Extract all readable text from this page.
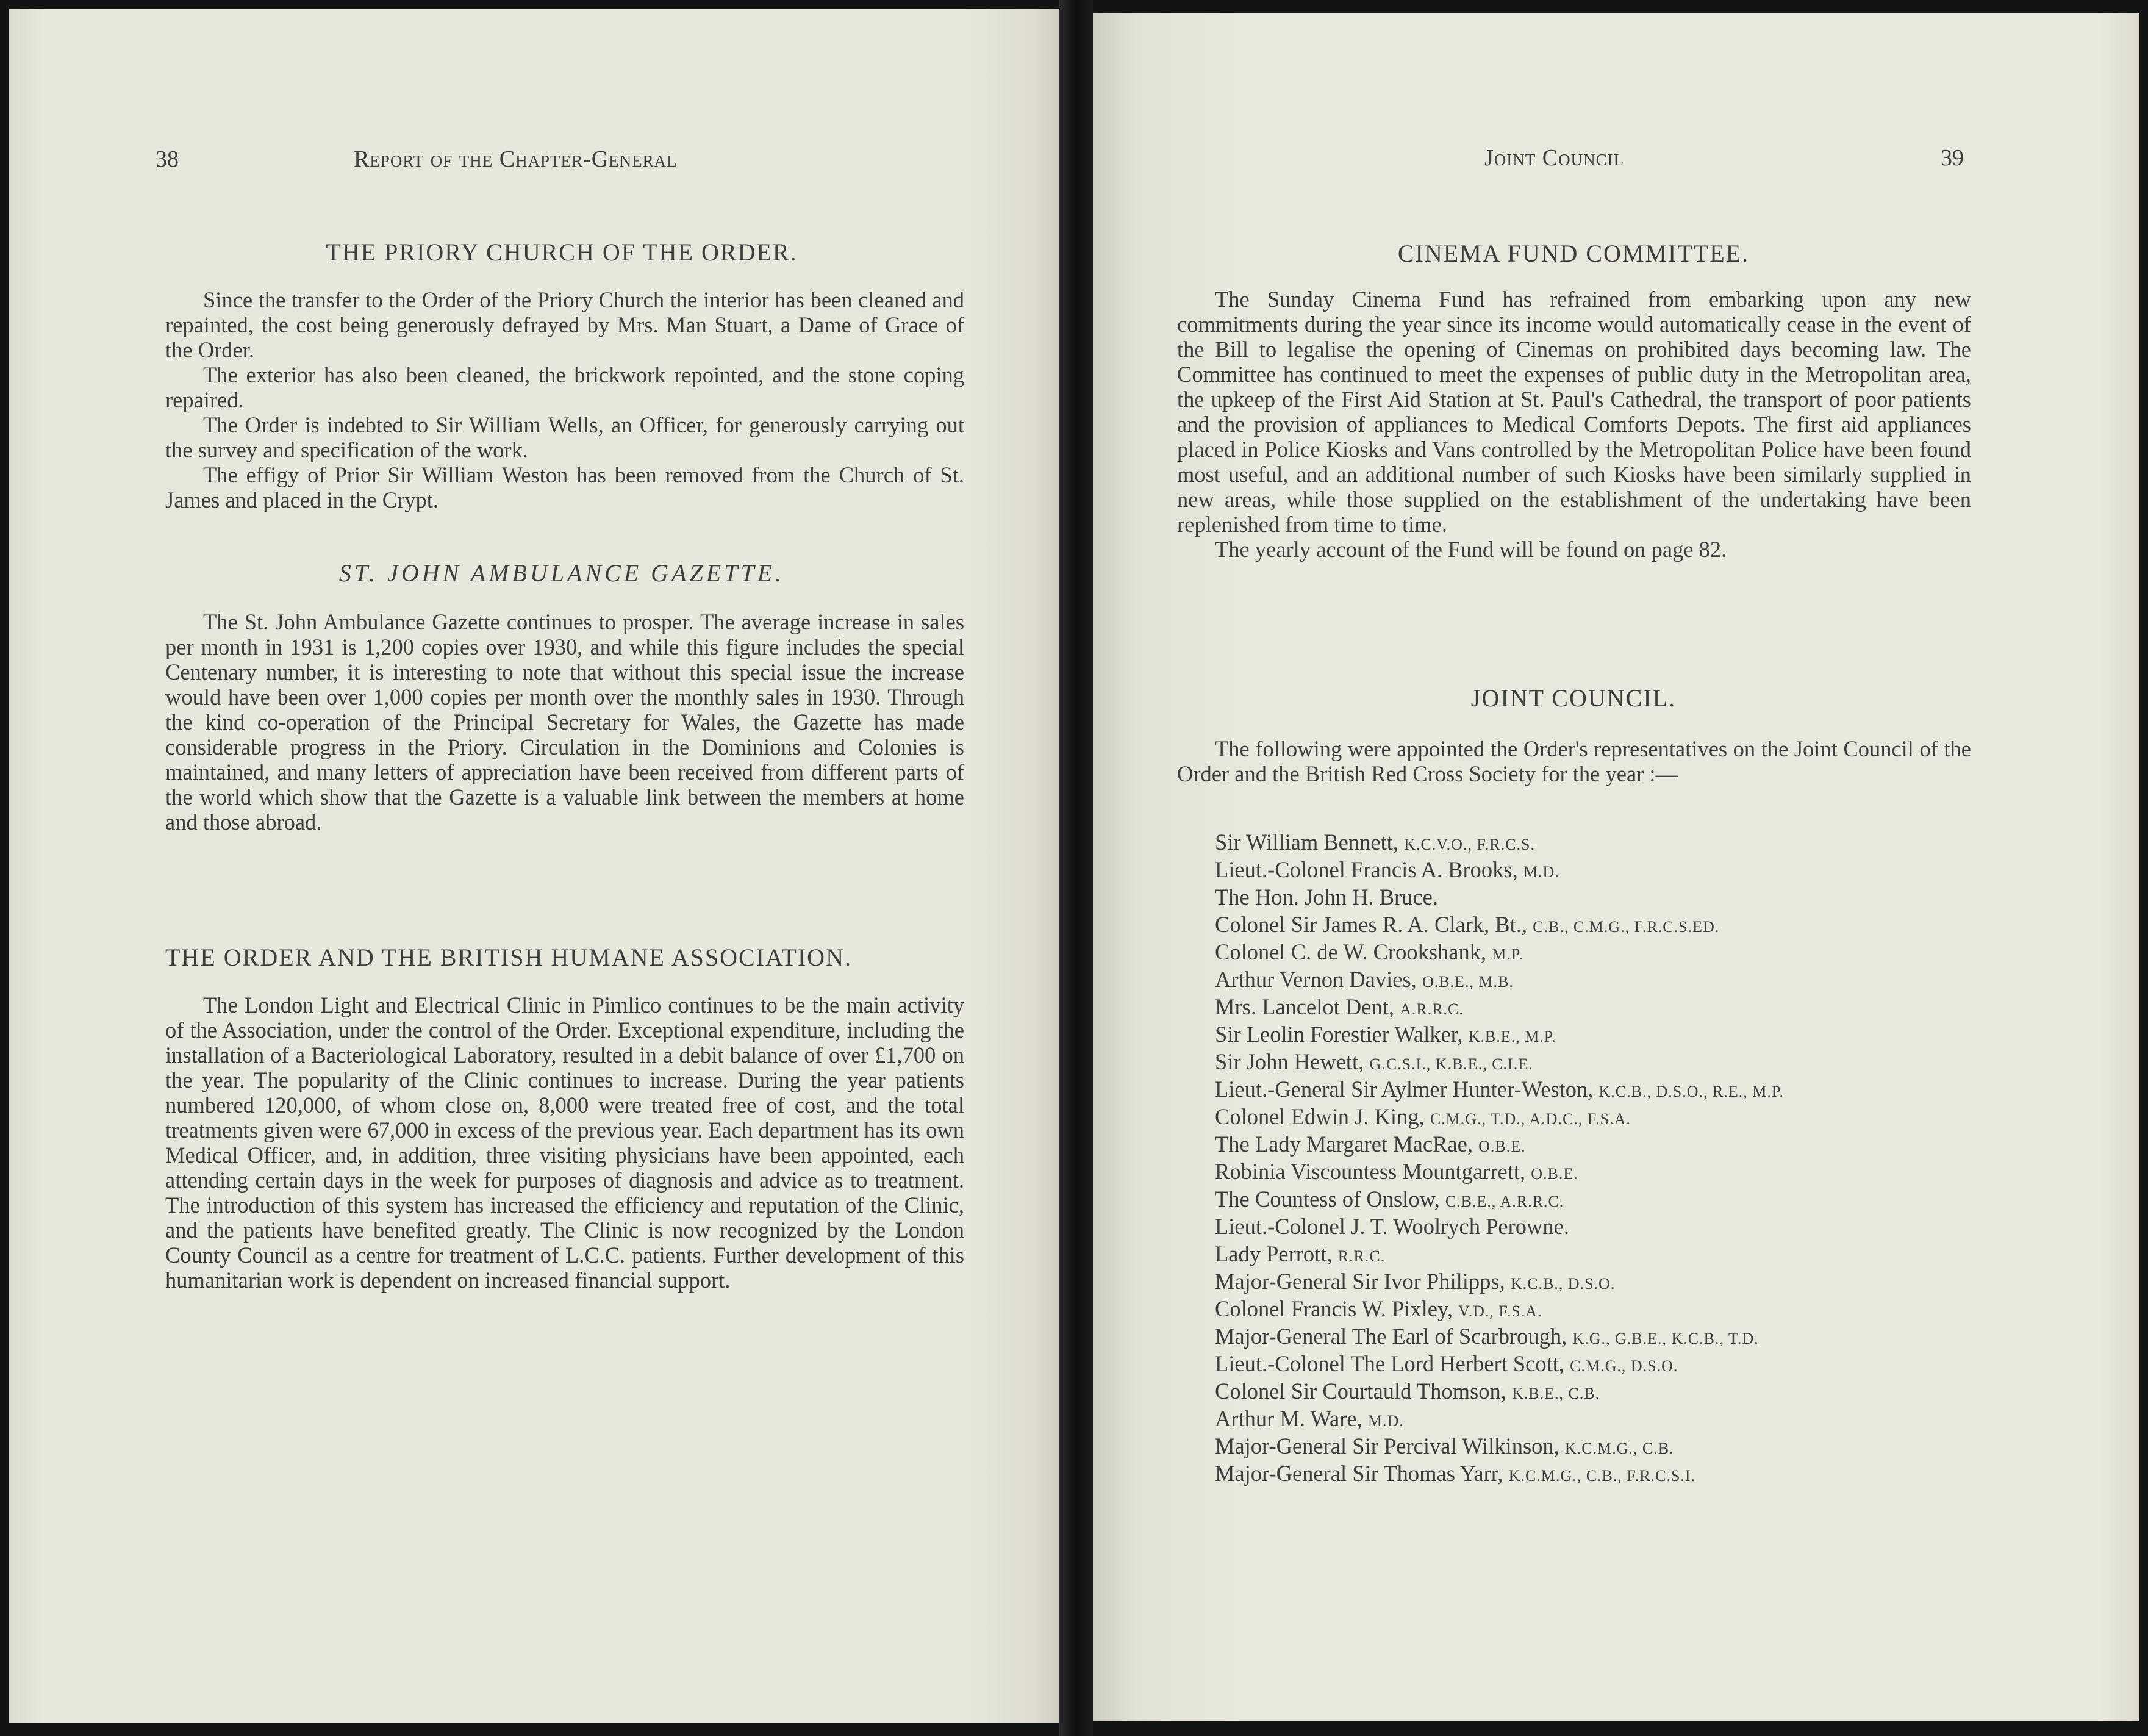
38	Report of the Chapter-General
THE PRIORY CHURCH OF THE ORDER.

Since the transfer to the Order of the Priory Church the interior has been cleaned and repainted, the cost being generously defrayed by Mrs. Man Stuart, a Dame of Grace of the Order.

The exterior has also been cleaned, the brickwork repointed, and the stone coping repaired.

The Order is indebted to Sir William Wells, an Officer, for generously carrying out the survey and specification of the work.

The effigy of Prior Sir William Weston has been removed from the Church of St. James and placed in the Crypt.

ST. JOHN AMBULANCE GAZETTE.

The St. John Ambulance Gazette continues to prosper. The average increase in sales per month in 1931 is 1,200 copies over 1930, and while this figure includes the special Centenary number, it is interesting to note that without this special issue the increase would have been over 1,000 copies per month over the monthly sales in 1930. Through the kind co-operation of the Principal Secretary for Wales, the Gazette has made considerable progress in the Priory. Circulation in the Dominions and Colonies is maintained, and many letters of appreciation have been received from different parts of the world which show that the Gazette is a valuable link between the members at home and those abroad.

THE ORDER AND THE BRITISH HUMANE ASSOCIATION.

The London Light and Electrical Clinic in Pimlico continues to be the main activity of the Association, under the control of the Order. Exceptional expenditure, including the installation of a Bacteriological Laboratory, resulted in a debit balance of over £1,700 on the year. The popularity of the Clinic continues to increase. During the year patients numbered 120,000, of whom close on, 8,000 were treated free of cost, and the total treatments given were 67,000 in excess of the previous year. Each department has its own Medical Officer, and, in addition, three visiting physicians have been appointed, each attending certain days in the week for purposes of diagnosis and advice as to treatment. The introduction of this system has increased the efficiency and reputation of the Clinic, and the patients have benefited greatly. The Clinic is now recognized by the London County Council as a centre for treatment of L.C.C. patients. Further development of this humanitarian work is dependent on increased financial support.

Joint Council	39
CINEMA FUND COMMITTEE.

The Sunday Cinema Fund has refrained from embarking upon any new commitments during the year since its income would automatically cease in the event of the Bill to legalise the opening of Cinemas on prohibited days becoming law. The Committee has continued to meet the expenses of public duty in the Metropolitan area, the upkeep of the First Aid Station at St. Paul's Cathedral, the transport of poor patients and the provision of appliances to Medical Comforts Depots. The first aid appliances placed in Police Kiosks and Vans controlled by the Metropolitan Police have been found most useful, and an additional number of such Kiosks have been similarly supplied in new areas, while those supplied on the establishment of the undertaking have been replenished from time to time.

The yearly account of the Fund will be found on page 82.

JOINT COUNCIL.

The following were appointed the Order's representatives on the Joint Council of the Order and the British Red Cross Society for the year :—

Sir William Bennett, K.C.V.O., F.R.C.S.
Lieut.-Colonel Francis A. Brooks, M.D.
The Hon. John H. Bruce.
Colonel Sir James R. A. Clark, Bt., C.B., C.M.G., F.R.C.S.ED.
Colonel C. de W. Crookshank, M.P.
Arthur Vernon Davies, O.B.E., M.B.
Mrs. Lancelot Dent, A.R.R.C.
Sir Leolin Forestier Walker, K.B.E., M.P.
Sir John Hewett, G.C.S.I., K.B.E., C.I.E.
Lieut.-General Sir Aylmer Hunter-Weston, K.C.B., D.S.O., R.E., M.P.
Colonel Edwin J. King, C.M.G., T.D., A.D.C., F.S.A.
The Lady Margaret MacRae, O.B.E.
Robinia Viscountess Mountgarrett, O.B.E.
The Countess of Onslow, C.B.E., A.R.R.C.
Lieut.-Colonel J. T. Woolrych Perowne.
Lady Perrott, R.R.C.
Major-General Sir Ivor Philipps, K.C.B., D.S.O.
Colonel Francis W. Pixley, V.D., F.S.A.
Major-General The Earl of Scarbrough, K.G., G.B.E., K.C.B., T.D.
Lieut.-Colonel The Lord Herbert Scott, C.M.G., D.S.O.
Colonel Sir Courtauld Thomson, K.B.E., C.B.
Arthur M. Ware, M.D.
Major-General Sir Percival Wilkinson, K.C.M.G., C.B.
Major-General Sir Thomas Yarr, K.C.M.G., C.B., F.R.C.S.I.
